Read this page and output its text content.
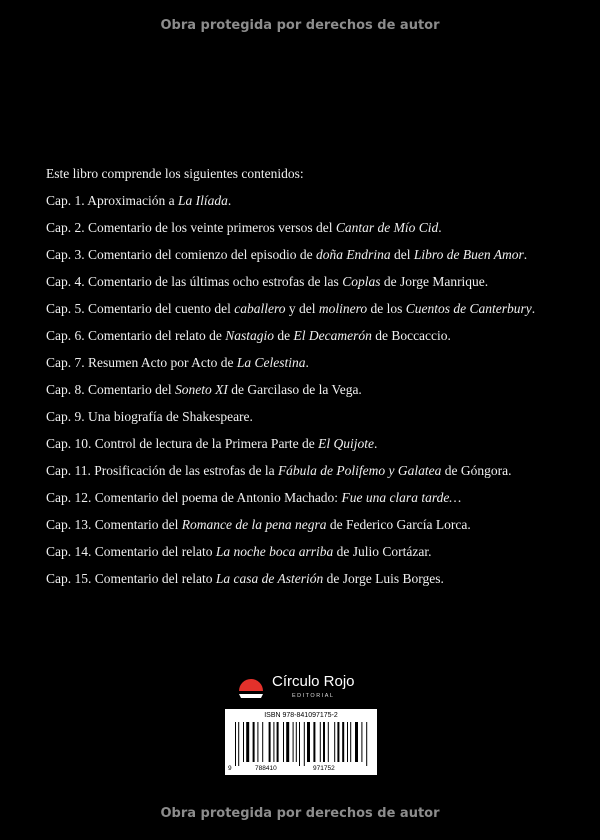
Obra protegida por derechos de autor
Este libro comprende los siguientes contenidos:
Cap. 1. Aproximación a La Ilíada.
Cap. 2. Comentario de los veinte primeros versos del Cantar de Mío Cid.
Cap. 3. Comentario del comienzo del episodio de doña Endrina del Libro de Buen Amor.
Cap. 4. Comentario de las últimas ocho estrofas de las Coplas de Jorge Manrique.
Cap. 5. Comentario del cuento del caballero y del molinero de los Cuentos de Canterbury.
Cap. 6. Comentario del relato de Nastagio de El Decamerón de Boccaccio.
Cap. 7. Resumen Acto por Acto de La Celestina.
Cap. 8. Comentario del Soneto XI de Garcilaso de la Vega.
Cap. 9. Una biografía de Shakespeare.
Cap. 10. Control de lectura de la Primera Parte de El Quijote.
Cap. 11. Prosificación de las estrofas de la Fábula de Polifemo y Galatea de Góngora.
Cap. 12. Comentario del poema de Antonio Machado: Fue una clara tarde…
Cap. 13. Comentario del Romance de la pena negra de Federico García Lorca.
Cap. 14. Comentario del relato La noche boca arriba de Julio Cortázar.
Cap. 15. Comentario del relato La casa de Asterión de Jorge Luis Borges.
Círculo Rojo
EDITORIAL
ISBN 978-841097175-2
9	788410	971752
Obra protegida por derechos de autor
